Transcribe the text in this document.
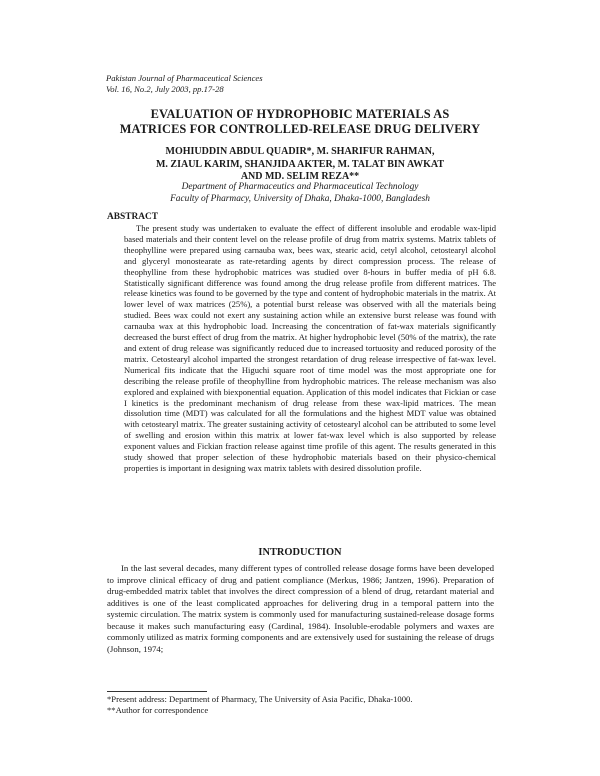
Pakistan Journal of Pharmaceutical Sciences
Vol. 16, No.2, July 2003, pp.17-28
EVALUATION OF HYDROPHOBIC MATERIALS AS
MATRICES FOR CONTROLLED-RELEASE DRUG DELIVERY
MOHIUDDIN ABDUL QUADIR*, M. SHARIFUR RAHMAN,
M. ZIAUL KARIM, SHANJIDA AKTER, M. TALAT BIN AWKAT
AND MD. SELIM REZA**
Department of Pharmaceutics and Pharmaceutical Technology
Faculty of Pharmacy, University of Dhaka, Dhaka-1000, Bangladesh
ABSTRACT
The present study was undertaken to evaluate the effect of different insoluble and erodable wax-lipid based materials and their content level on the release profile of drug from matrix systems. Matrix tablets of theophylline were prepared using carnauba wax, bees wax, stearic acid, cetyl alcohol, cetostearyl alcohol and glyceryl monostearate as rate-retarding agents by direct compression process. The release of theophylline from these hydrophobic matrices was studied over 8-hours in buffer media of pH 6.8. Statistically significant difference was found among the drug release profile from different matrices. The release kinetics was found to be governed by the type and content of hydrophobic materials in the matrix. At lower level of wax matrices (25%), a potential burst release was observed with all the materials being studied. Bees wax could not exert any sustaining action while an extensive burst release was found with carnauba wax at this hydrophobic load. Increasing the concentration of fat-wax materials significantly decreased the burst effect of drug from the matrix. At higher hydrophobic level (50% of the matrix), the rate and extent of drug release was significantly reduced due to increased tortuosity and reduced porosity of the matrix. Cetostearyl alcohol imparted the strongest retardation of drug release irrespective of fat-wax level. Numerical fits indicate that the Higuchi square root of time model was the most appropriate one for describing the release profile of theophylline from hydrophobic matrices. The release mechanism was also explored and explained with biexponential equation. Application of this model indicates that Fickian or case I kinetics is the predominant mechanism of drug release from these wax-lipid matrices. The mean dissolution time (MDT) was calculated for all the formulations and the highest MDT value was obtained with cetostearyl matrix. The greater sustaining activity of cetostearyl alcohol can be attributed to some level of swelling and erosion within this matrix at lower fat-wax level which is also supported by release exponent values and Fickian fraction release against time profile of this agent. The results generated in this study showed that proper selection of these hydrophobic materials based on their physico-chemical properties is important in designing wax matrix tablets with desired dissolution profile.
INTRODUCTION
In the last several decades, many different types of controlled release dosage forms have been developed to improve clinical efficacy of drug and patient compliance (Merkus, 1986; Jantzen, 1996). Preparation of drug-embedded matrix tablet that involves the direct compression of a blend of drug, retardant material and additives is one of the least complicated approaches for delivering drug in a temporal pattern into the systemic circulation. The matrix system is commonly used for manufacturing sustained-release dosage forms because it makes such manufacturing easy (Cardinal, 1984). Insoluble-erodable polymers and waxes are commonly utilized as matrix forming components and are extensively used for sustaining the release of drugs (Johnson, 1974;
*Present address: Department of Pharmacy, The University of Asia Pacific, Dhaka-1000.
**Author for correspondence
